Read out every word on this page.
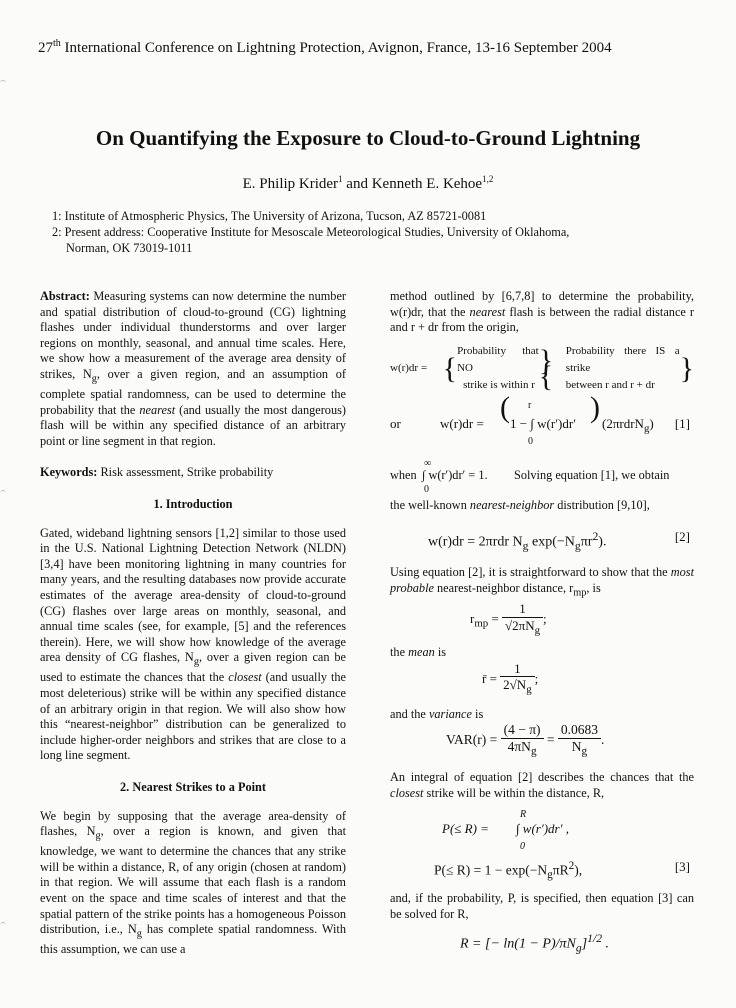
27th International Conference on Lightning Protection, Avignon, France, 13-16 September 2004
On Quantifying the Exposure to Cloud-to-Ground Lightning
E. Philip Krider$^1$ and Kenneth E. Kehoe$^{1,2}$
1: Institute of Atmospheric Physics, The University of Arizona, Tucson, AZ 85721-0081
2: Present address: Cooperative Institute for Mesoscale Meteorological Studies, University of Oklahoma,
Norman, OK 73019-1011

Abstract: Measuring systems can now determine the number and spatial distribution of cloud-to-ground (CG) lightning flashes under individual thunderstorms and over larger regions on monthly, seasonal, and annual time scales. Here, we show how a measurement of the average area density of strikes, $N_g$, over a given region, and an assumption of complete spatial randomness, can be used to determine the probability that the nearest (and usually the most dangerous) flash will be within any specified distance of an arbitrary point or line segment in that region.

Keywords: Risk assessment, Strike probability

1. Introduction

Gated, wideband lightning sensors [1,2] similar to those used in the U.S. National Lightning Detection Network (NLDN) [3,4] have been monitoring lightning in many countries for many years, and the resulting databases now provide accurate estimates of the average area-density of cloud-to-ground (CG) flashes over large areas on monthly, seasonal, and annual time scales (see, for example, [5] and the references therein). Here, we will show how knowledge of the average area density of CG flashes, $N_g$, over a given region can be used to estimate the chances that the closest (and usually the most deleterious) strike will be within any specified distance of an arbitrary origin in that region. We will also show how this “nearest-neighbor” distribution can be generalized to include higher-order neighbors and strikes that are close to a long line segment.

2. Nearest Strikes to a Point

We begin by supposing that the average area-density of flashes, $N_g$, over a region is known, and given that knowledge, we want to determine the chances that any strike will be within a distance, R, of any origin (chosen at random) in that region. We will assume that each flash is a random event on the space and time scales of interest and that the spatial pattern of the strike points has a homogeneous Poisson distribution, i.e., $N_g$ has complete spatial randomness. With this assumption, we can use a

method outlined by [6,7,8] to determine the probability, w(r)dr, that the nearest flash is between the radial distance r and r + dr from the origin,

w(r)dr = {
Probability that NO
strike is within r
}{
Probability there IS a strike
between r and r + dr
}
or	w(r)dr = ( r
1 − ∫ w(r′)dr′
0
) (2πrdrN$_g$) [1]
when
∞
∫ w(r′)dr′ = 1.
0
Solving equation [1], we obtain

the well-known nearest-neighbor distribution [9,10],

w(r)dr = 2πrdr $N_g$ $\exp(-N_g\pi r^2)$.	[2]

Using equation [2], it is straightforward to show that the most probable nearest-neighbor distance, $r_{mp}$, is

$r_{mp} = \frac{1}{√2\pi N_g}$ ;

the mean is

r̄ = $\frac{1}{2√N_g}$ ;

and the variance is

$VAR(r) = \frac{(4 - \pi)}{4\pi N_g} = \frac{0.0683}{N_g}$ .

An integral of equation [2] describes the chances that the closest strike will be within the distance, R,

P(≤ R) =
R
∫ w(r′)dr′ ,
0
$P(\le R) = 1 - \exp(-N_g\pi R^2)$,	[3]

and, if the probability, P, is specified, then equation [3] can be solved for R,

R = [− $\ln(1 - P)/\pi N_g]^{1/2}$ .
